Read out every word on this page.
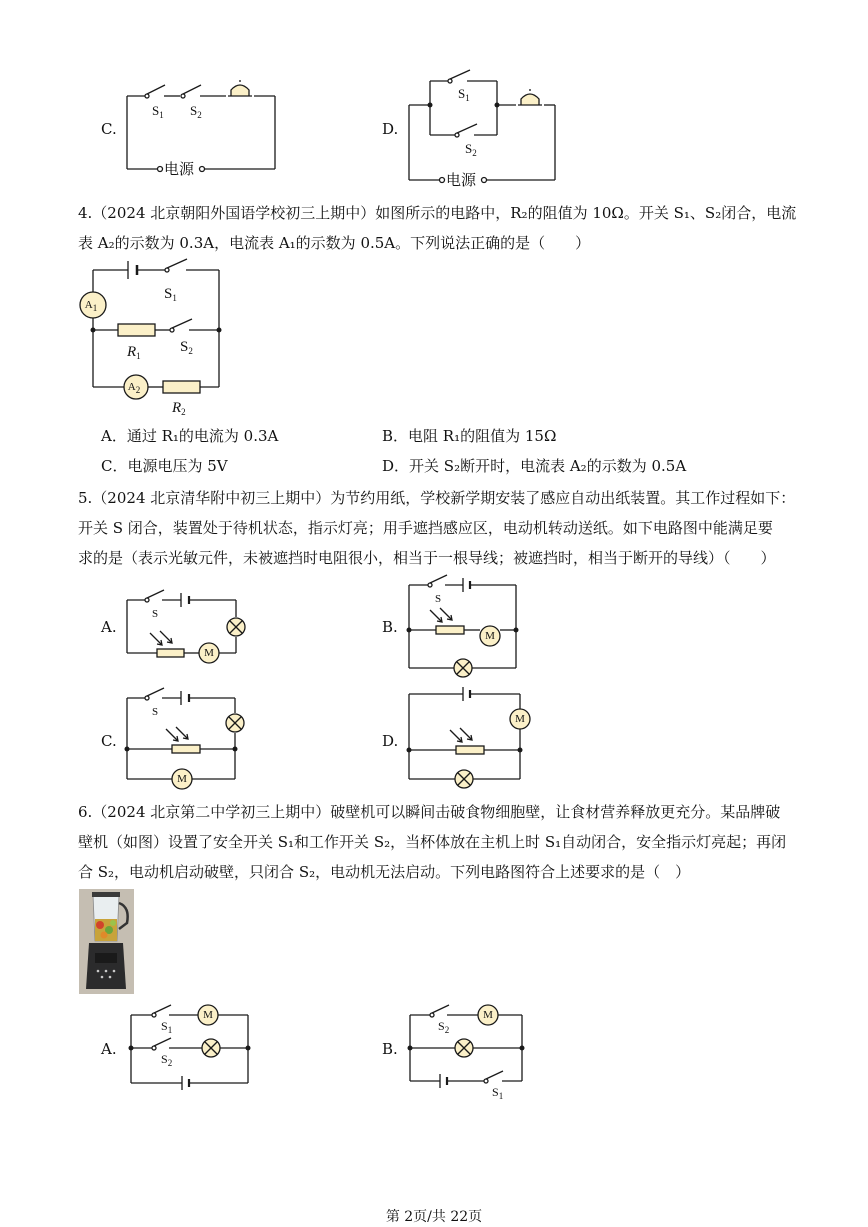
C.
$S_1$ $S_2$
电源
D.
$S_1$
$S_2$
电源
4.（2024 北京朝阳外国语学校初三上期中）如图所示的电路中，R₂的阻值为 10Ω。开关 S₁、S₂闭合，电流
表 A₂的示数为 0.3A，电流表 A₁的示数为 0.5A。下列说法正确的是（　　）
$S_1$
$A_1$
$R_1$
$S_2$
$A_2$
$R_2$
A．通过 R₁的电流为 0.3A	B．电阻 R₁的阻值为 15Ω
C．电源电压为 5V	D．开关 S₂断开时，电流表 A₂的示数为 0.5A
5.（2024 北京清华附中初三上期中）为节约用纸，学校新学期安装了感应自动出纸装置。其工作过程如下：
开关 S 闭合，装置处于待机状态，指示灯亮；用手遮挡感应区，电动机转动送纸。如下电路图中能满足要
求的是（表示光敏元件，未被遮挡时电阻很小，相当于一根导线；被遮挡时，相当于断开的导线）（　　）
A.
S
M
B.
S
M
C.
S
M
D.
M
6.（2024 北京第二中学初三上期中）破壁机可以瞬间击破食物细胞壁，让食材营养释放更充分。某品牌破
壁机（如图）设置了安全开关 S₁和工作开关 S₂，当杯体放在主机上时 S₁自动闭合，安全指示灯亮起；再闭
合 S₂，电动机启动破壁，只闭合 S₂，电动机无法启动。下列电路图符合上述要求的是（　）
A.
$S_1$
M
$S_2$
B.
$S_2$
M
$S_1$
第 2页/共 22页
